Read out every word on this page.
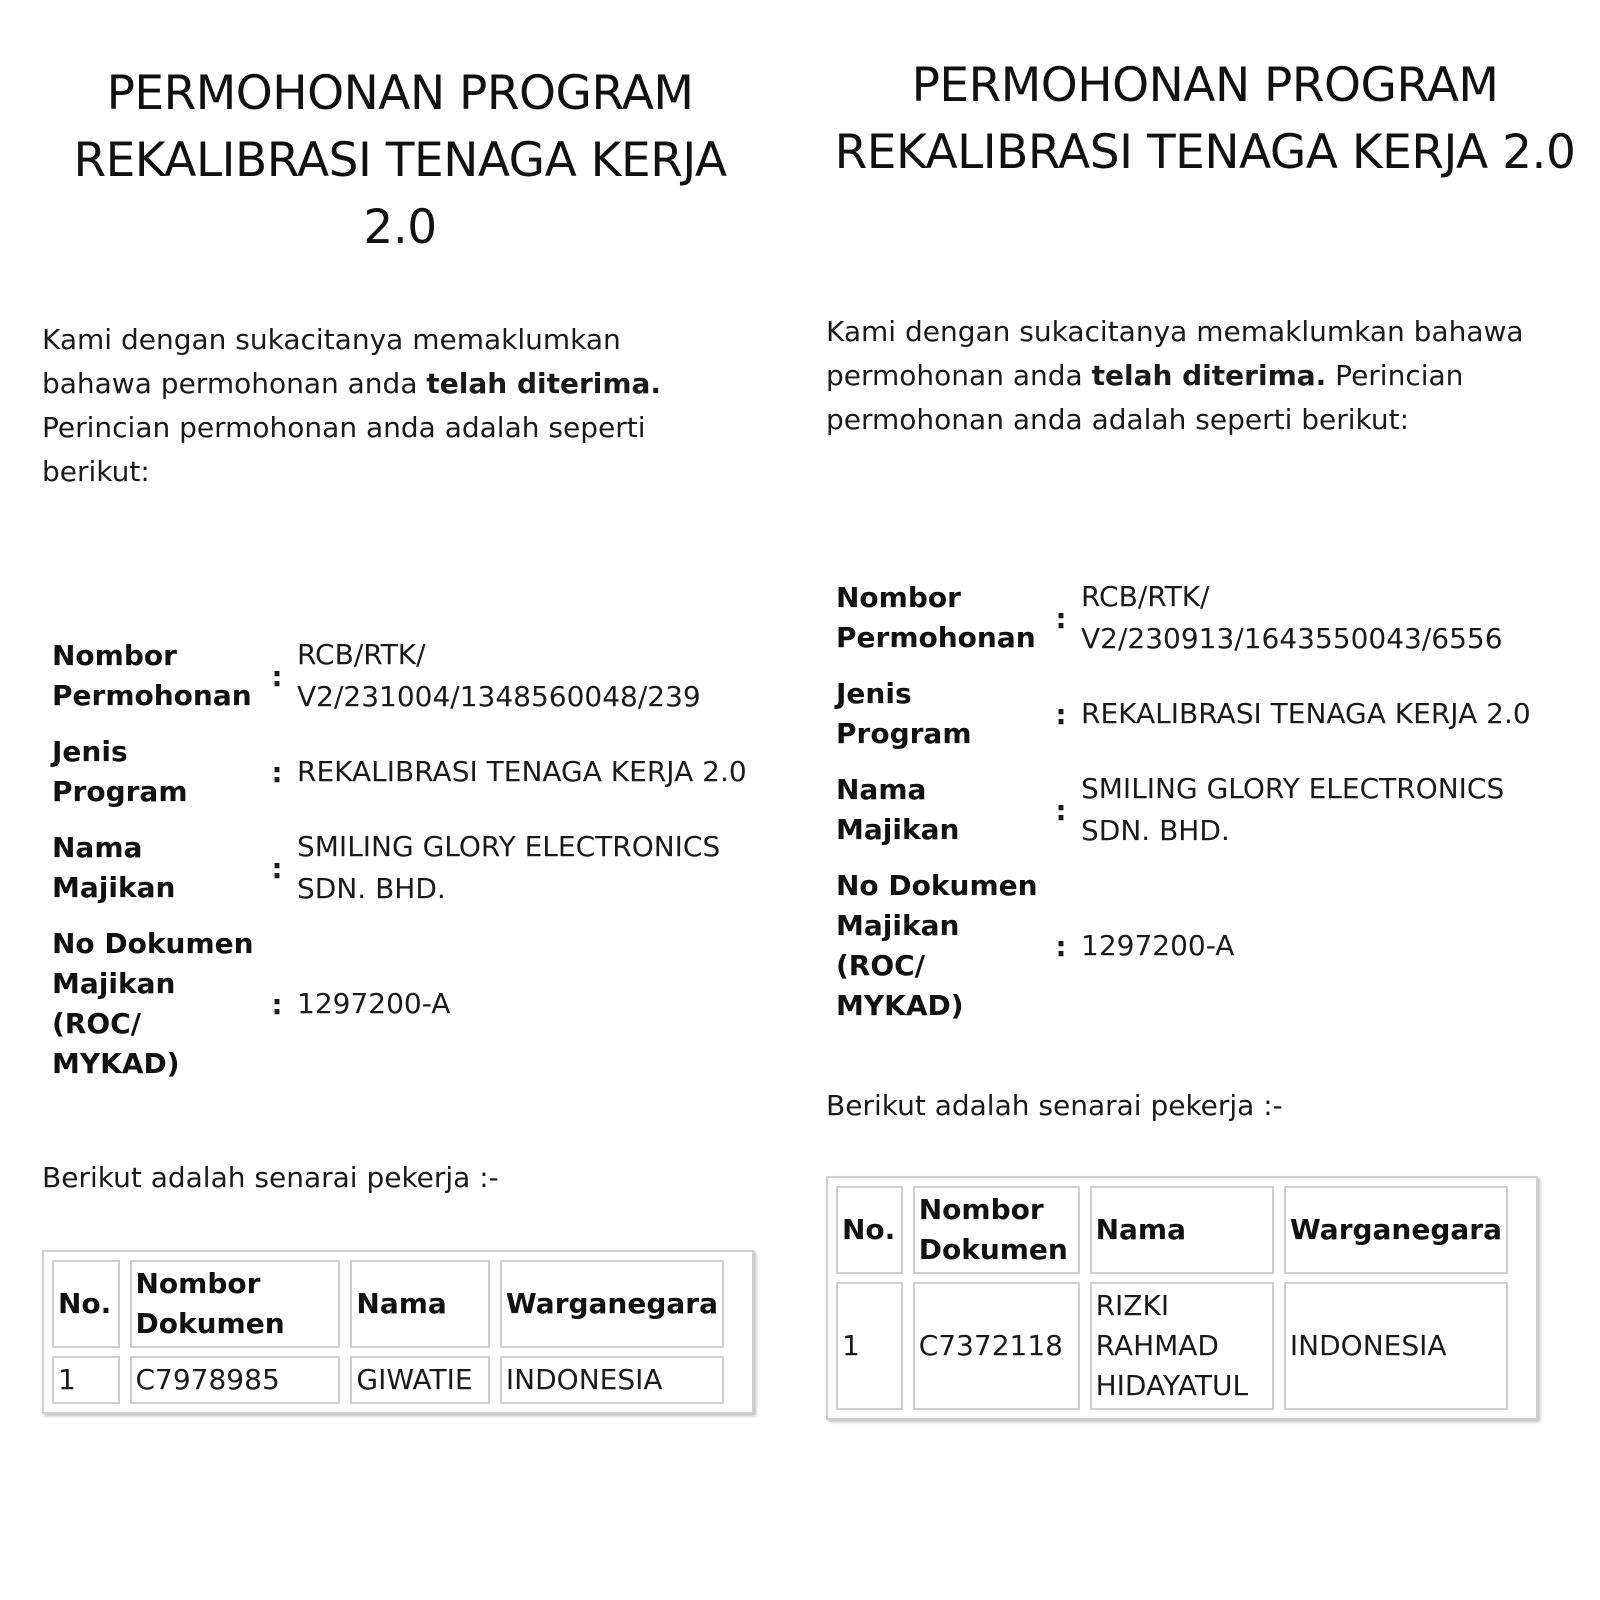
PERMOHONAN PROGRAM REKALIBRASI TENAGA KERJA 2.0

Kami dengan sukacitanya memaklumkan bahawa permohonan anda telah diterima. Perincian permohonan anda adalah seperti berikut:

Nombor Permohonan	:	RCB/RTK/ V2/231004/1348560048/239
Jenis Program	:	REKALIBRASI TENAGA KERJA 2.0
Nama Majikan	:	SMILING GLORY ELECTRONICS SDN. BHD.
No Dokumen Majikan (ROC/ MYKAD)	:	1297200-A

Berikut adalah senarai pekerja :-

No.	Nombor Dokumen	Nama	Warganegara
1	C7978985	GIWATIE	INDONESIA
PERMOHONAN PROGRAM REKALIBRASI TENAGA KERJA 2.0

Kami dengan sukacitanya memaklumkan bahawa permohonan anda telah diterima. Perincian permohonan anda adalah seperti berikut:

Nombor Permohonan	:	RCB/RTK/ V2/230913/1643550043/6556
Jenis Program	:	REKALIBRASI TENAGA KERJA 2.0
Nama Majikan	:	SMILING GLORY ELECTRONICS SDN. BHD.
No Dokumen Majikan (ROC/ MYKAD)	:	1297200-A

Berikut adalah senarai pekerja :-

No.	Nombor Dokumen	Nama	Warganegara
1	C7372118	RIZKI RAHMAD HIDAYATUL	INDONESIA
